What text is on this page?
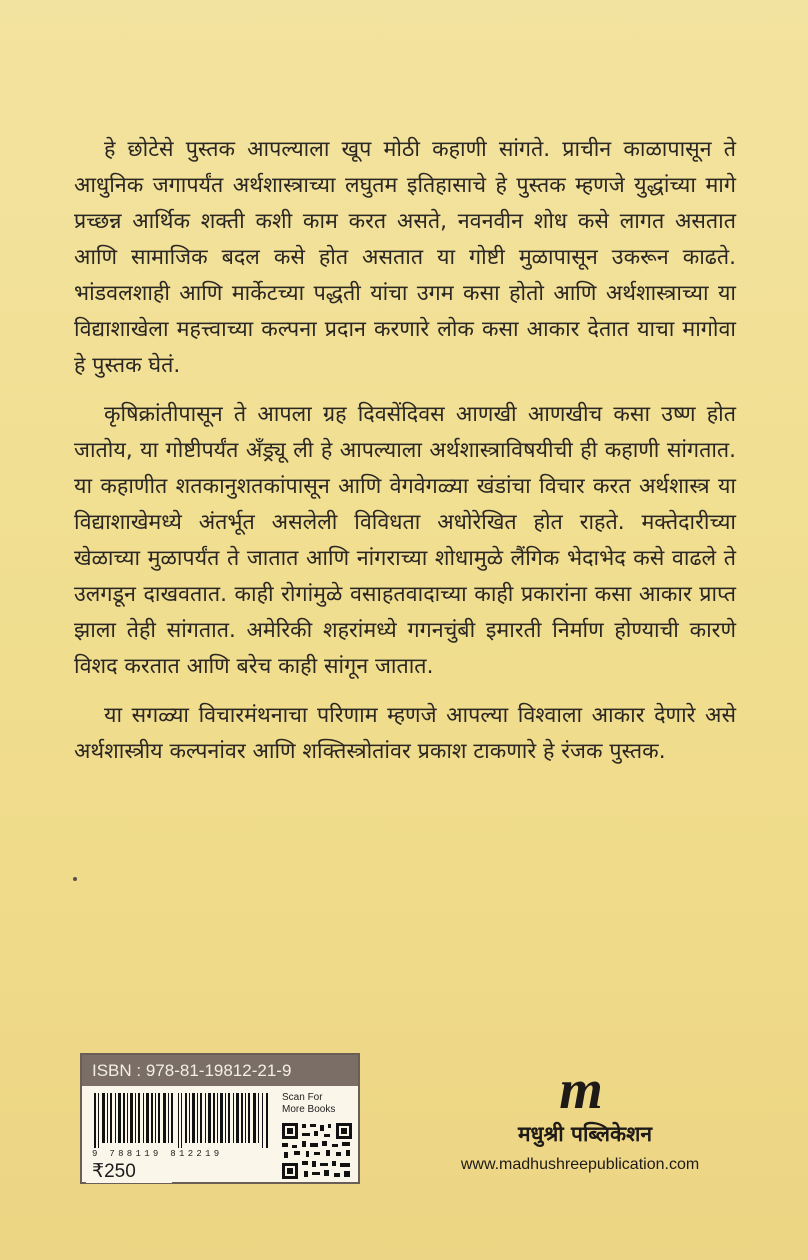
हे छोटेसे पुस्तक आपल्याला खूप मोठी कहाणी सांगते. प्राचीन काळापासून ते आधुनिक जगापर्यंत अर्थशास्त्राच्या लघुतम इतिहासाचे हे पुस्तक म्हणजे युद्धांच्या मागे प्रच्छन्न आर्थिक शक्ती कशी काम करत असते, नवनवीन शोध कसे लागत असतात आणि सामाजिक बदल कसे होत असतात या गोष्टी मुळापासून उकरून काढते. भांडवलशाही आणि मार्केटच्या पद्धती यांचा उगम कसा होतो आणि अर्थशास्त्राच्या या विद्याशाखेला महत्त्वाच्या कल्पना प्रदान करणारे लोक कसा आकार देतात याचा मागोवा हे पुस्तक घेतं.

कृषिक्रांतीपासून ते आपला ग्रह दिवसेंदिवस आणखी आणखीच कसा उष्ण होत जातोय, या गोष्टीपर्यंत अँड्र्यू ली हे आपल्याला अर्थशास्त्राविषयीची ही कहाणी सांगतात. या कहाणीत शतकानुशतकांपासून आणि वेगवेगळ्या खंडांचा विचार करत अर्थशास्त्र या विद्याशाखेमध्ये अंतर्भूत असलेली विविधता अधोरेखित होत राहते. मक्तेदारीच्या खेळाच्या मुळापर्यंत ते जातात आणि नांगराच्या शोधामुळे लैंगिक भेदाभेद कसे वाढले ते उलगडून दाखवतात. काही रोगांमुळे वसाहतवादाच्या काही प्रकारांना कसा आकार प्राप्त झाला तेही सांगतात. अमेरिकी शहरांमध्ये गगनचुंबी इमारती निर्माण होण्याची कारणे विशद करतात आणि बरेच काही सांगून जातात.

या सगळ्या विचारमंथनाचा परिणाम म्हणजे आपल्या विश्वाला आकार देणारे असे अर्थशास्त्रीय कल्पनांवर आणि शक्तिस्त्रोतांवर प्रकाश टाकणारे हे रंजक पुस्तक.

ISBN : 978-81-19812-21-9
9 788119 812219
₹250
Scan For
More Books	m
मधुश्री पब्लिकेशन
www.madhushreepublication.com
